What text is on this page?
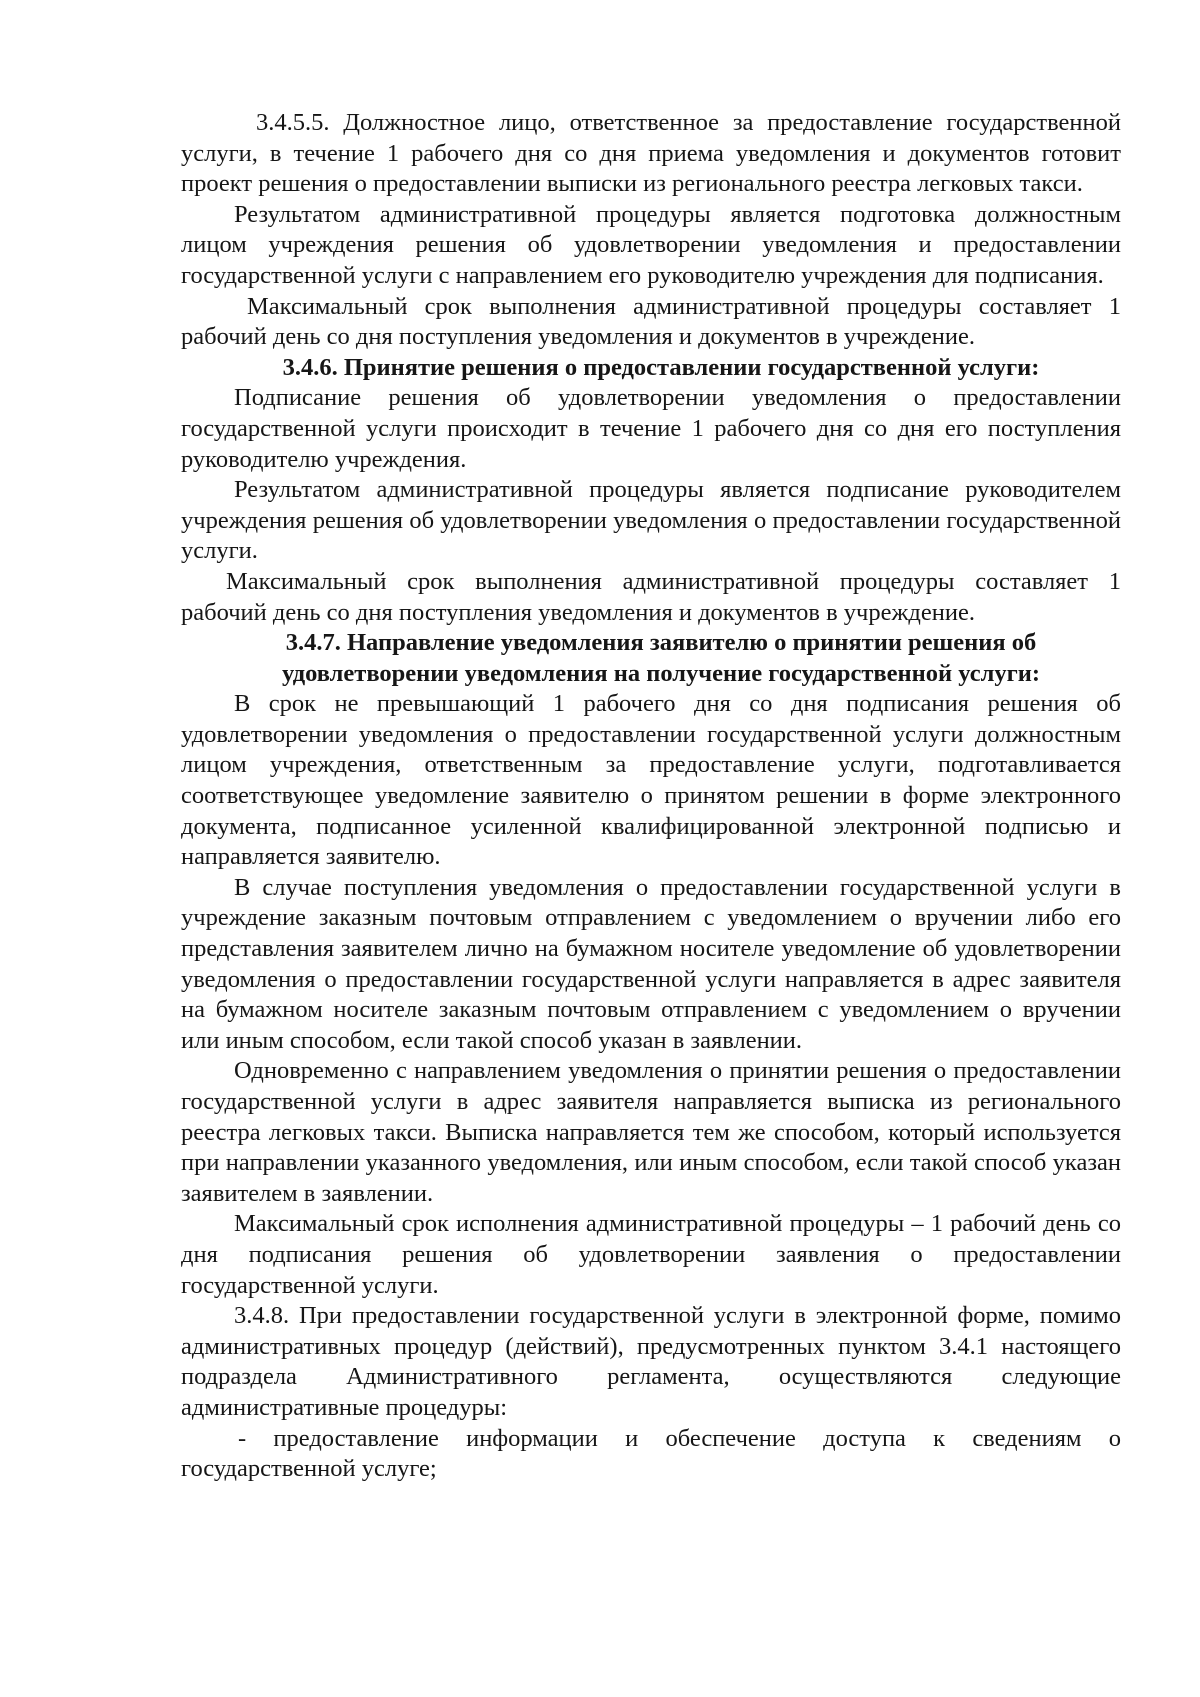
3.4.5.5. Должностное лицо, ответственное за предоставление государственной услуги, в течение 1 рабочего дня со дня приема уведомления и документов готовит проект решения о предоставлении выписки из регионального реестра легковых такси.

Результатом административной процедуры является подготовка должностным лицом учреждения решения об удовлетворении уведомления и предоставлении государственной услуги с направлением его руководителю учреждения для подписания.

Максимальный срок выполнения административной процедуры составляет 1 рабочий день со дня поступления уведомления и документов в учреждение.

3.4.6. Принятие решения о предоставлении государственной услуги:

Подписание решения об удовлетворении уведомления о предоставлении государственной услуги происходит в течение 1 рабочего дня со дня его поступления руководителю учреждения.

Результатом административной процедуры является подписание руководителем учреждения решения об удовлетворении уведомления о предоставлении государственной услуги.

Максимальный срок выполнения административной процедуры составляет 1 рабочий день со дня поступления уведомления и документов в учреждение.

3.4.7. Направление уведомления заявителю о принятии решения об
удовлетворении уведомления на получение государственной услуги:

В срок не превышающий 1 рабочего дня со дня подписания решения об удовлетворении уведомления о предоставлении государственной услуги должностным лицом учреждения, ответственным за предоставление услуги, подготавливается соответствующее уведомление заявителю о принятом решении в форме электронного документа, подписанное усиленной квалифицированной электронной подписью и направляется заявителю.

В случае поступления уведомления о предоставлении государственной услуги в учреждение заказным почтовым отправлением с уведомлением о вручении либо его представления заявителем лично на бумажном носителе уведомление об удовлетворении уведомления о предоставлении государственной услуги направляется в адрес заявителя на бумажном носителе заказным почтовым отправлением с уведомлением о вручении или иным способом, если такой способ указан в заявлении.

Одновременно с направлением уведомления о принятии решения о предоставлении государственной услуги в адрес заявителя направляется выписка из регионального реестра легковых такси. Выписка направляется тем же способом, который используется при направлении указанного уведомления, или иным способом, если такой способ указан заявителем в заявлении.

Максимальный срок исполнения административной процедуры – 1 рабочий день со дня подписания решения об удовлетворении заявления о предоставлении государственной услуги.

3.4.8. При предоставлении государственной услуги в электронной форме, помимо административных процедур (действий), предусмотренных пунктом 3.4.1 настоящего подраздела Административного регламента, осуществляются следующие административные процедуры:

- предоставление информации и обеспечение доступа к сведениям о государственной услуге;
